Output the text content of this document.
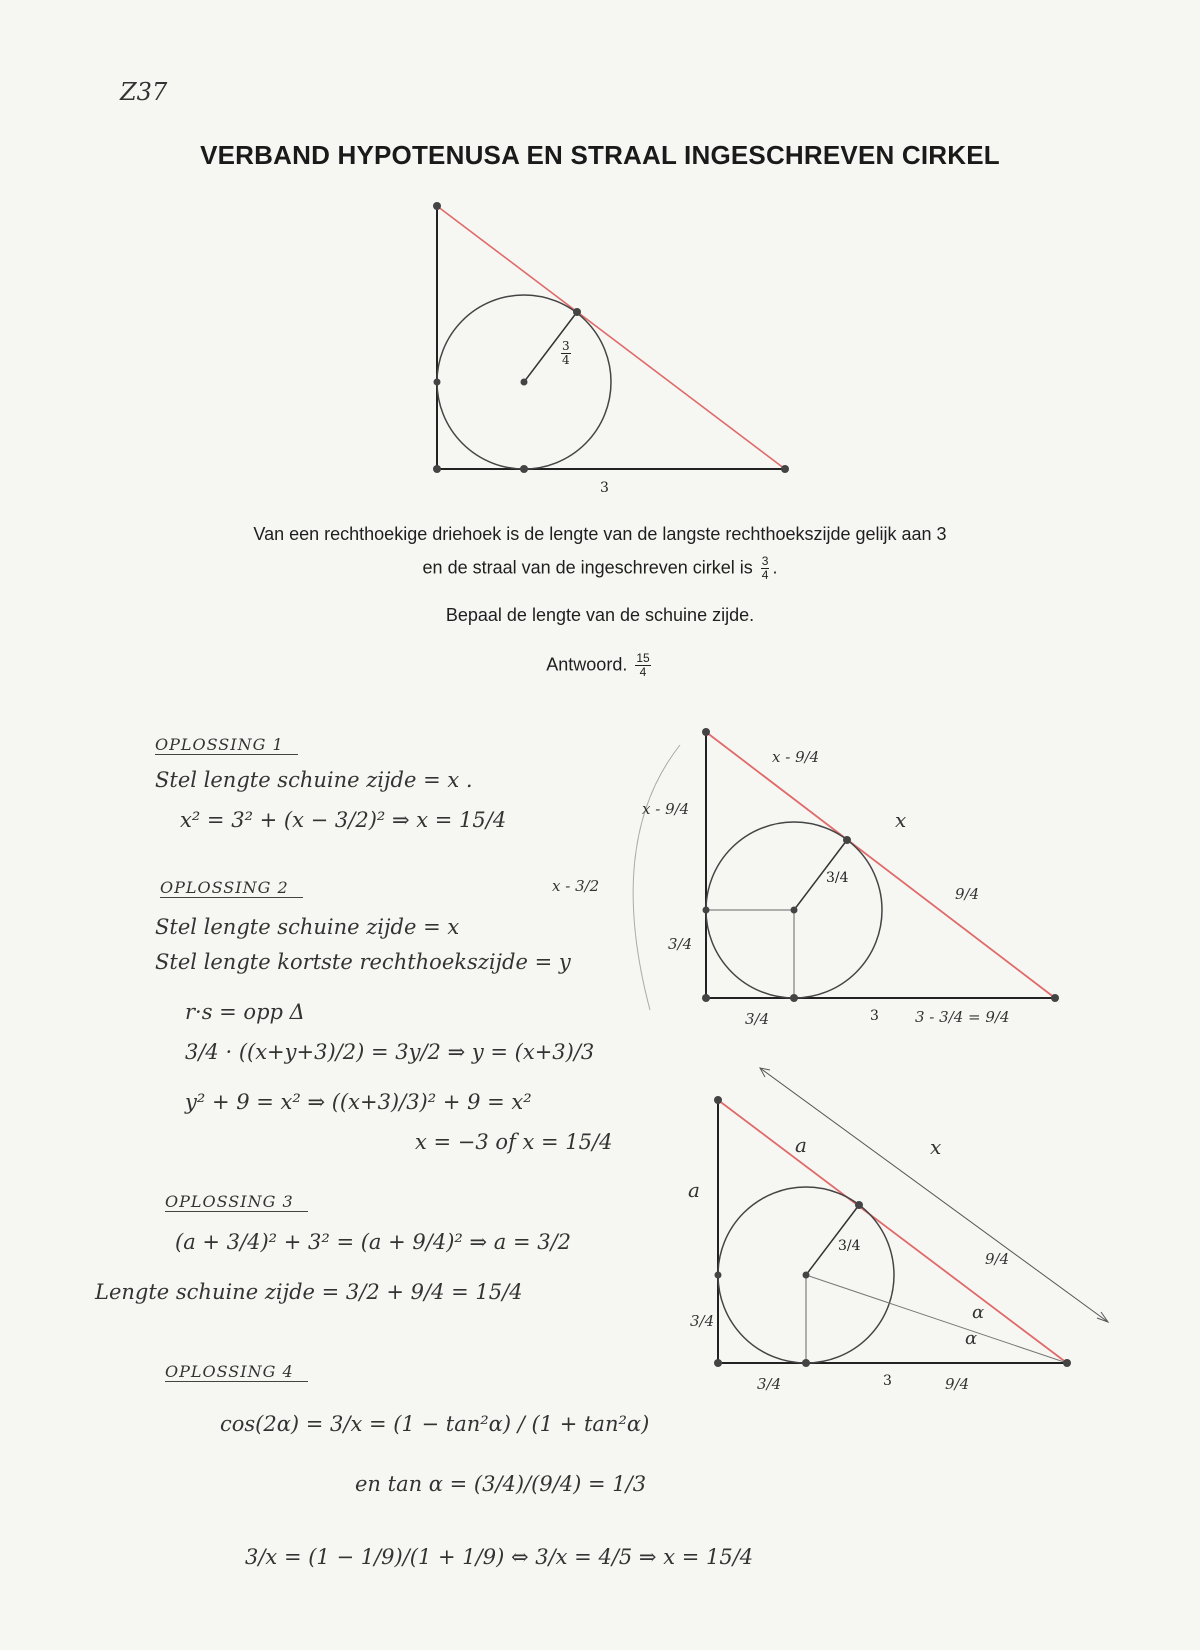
Z37
VERBAND HYPOTENUSA EN STRAAL INGESCHREVEN CIRKEL
$\frac{3}{4}$
3
Van een rechthoekige driehoek is de lengte van de langste rechthoekszijde gelijk aan 3
en de straal van de ingeschreven cirkel is $\frac{3}{4}$ .
Bepaal de lengte van de schuine zijde.
Antwoord. $\frac{15}{4}$
OPLOSSING 1
Stel lengte schuine zijde = x .
x² = 3² + (x − 3/2)² ⇒ x = 15/4
OPLOSSING 2
Stel lengte schuine zijde = x
Stel lengte kortste rechthoekszijde = y
r·s = opp Δ
3/4 · ((x+y+3)/2) = 3y/2 ⇒ y = (x+3)/3
y² + 9 = x² ⇒ ((x+3)/3)² + 9 = x²
x = −3 of x = 15/4
OPLOSSING 3
(a + 3/4)² + 3² = (a + 9/4)² ⇒ a = 3/2
Lengte schuine zijde = 3/2 + 9/4 = 15/4
OPLOSSING 4
cos(2α) = 3/x = (1 − tan²α) / (1 + tan²α)
en tan α = (3/4)/(9/4) = 1/3
3/x = (1 − 1/9)/(1 + 1/9) ⇔ 3/x = 4/5 ⇒ x = 15/4
x - 9/4
x - 9/4	x
9/4
3/4
3/4
x - 3/2
3/4	3 3 - 3/4 = 9/4
a
a	x
9/4
3/4
3/4	α
α
3/4	3	9/4
